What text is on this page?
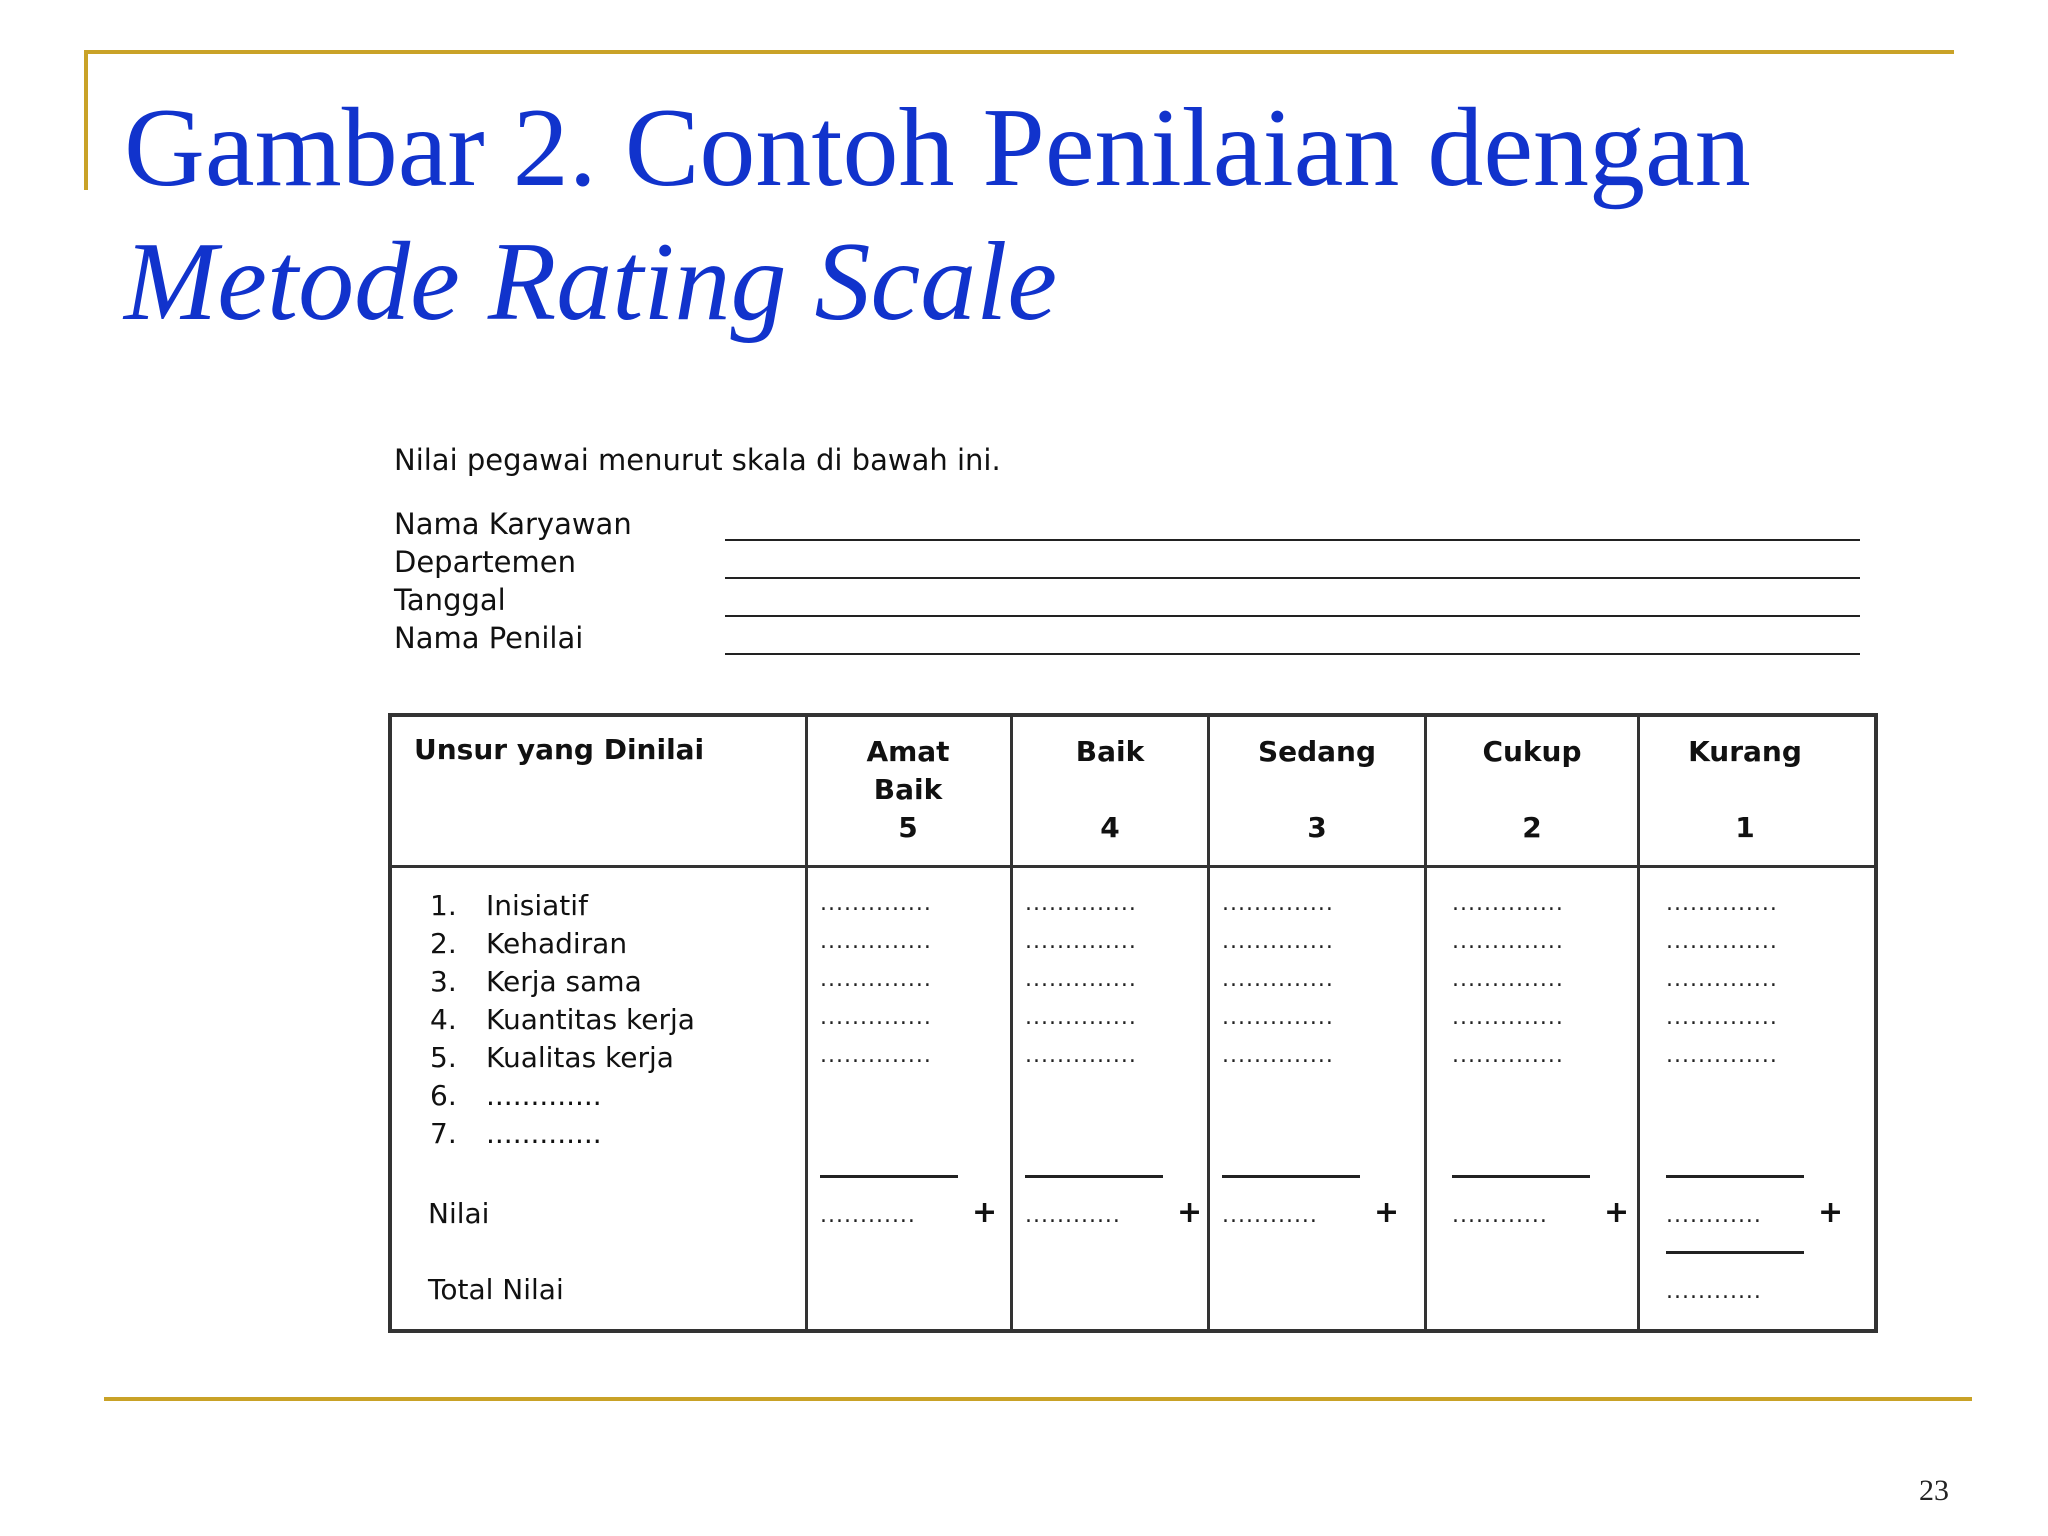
Gambar 2. Contoh Penilaian dengan
Metode Rating Scale
Nilai pegawai menurut skala di bawah ini.
Nama Karyawan
Departemen
Tanggal
Nama Penilai
Unsur yang Dinilai	Amat Baik
5
Baik
4
Sedang
3
Cukup
2
Kurang
1
1. Inisiatif
2. Kehadiran
3. Kerja sama
4. Kuantitas kerja
5. Kualitas kerja
6. .............
7. .............
Nilai
Total Nilai
..............
..............
..............
..............
..............
............ +
..............
..............
..............
..............
..............
............ +
..............
..............
..............
..............
..............
............ +
..............
..............
..............
..............
..............
............ +
..............
..............
..............
..............
..............
............ +
............
23
